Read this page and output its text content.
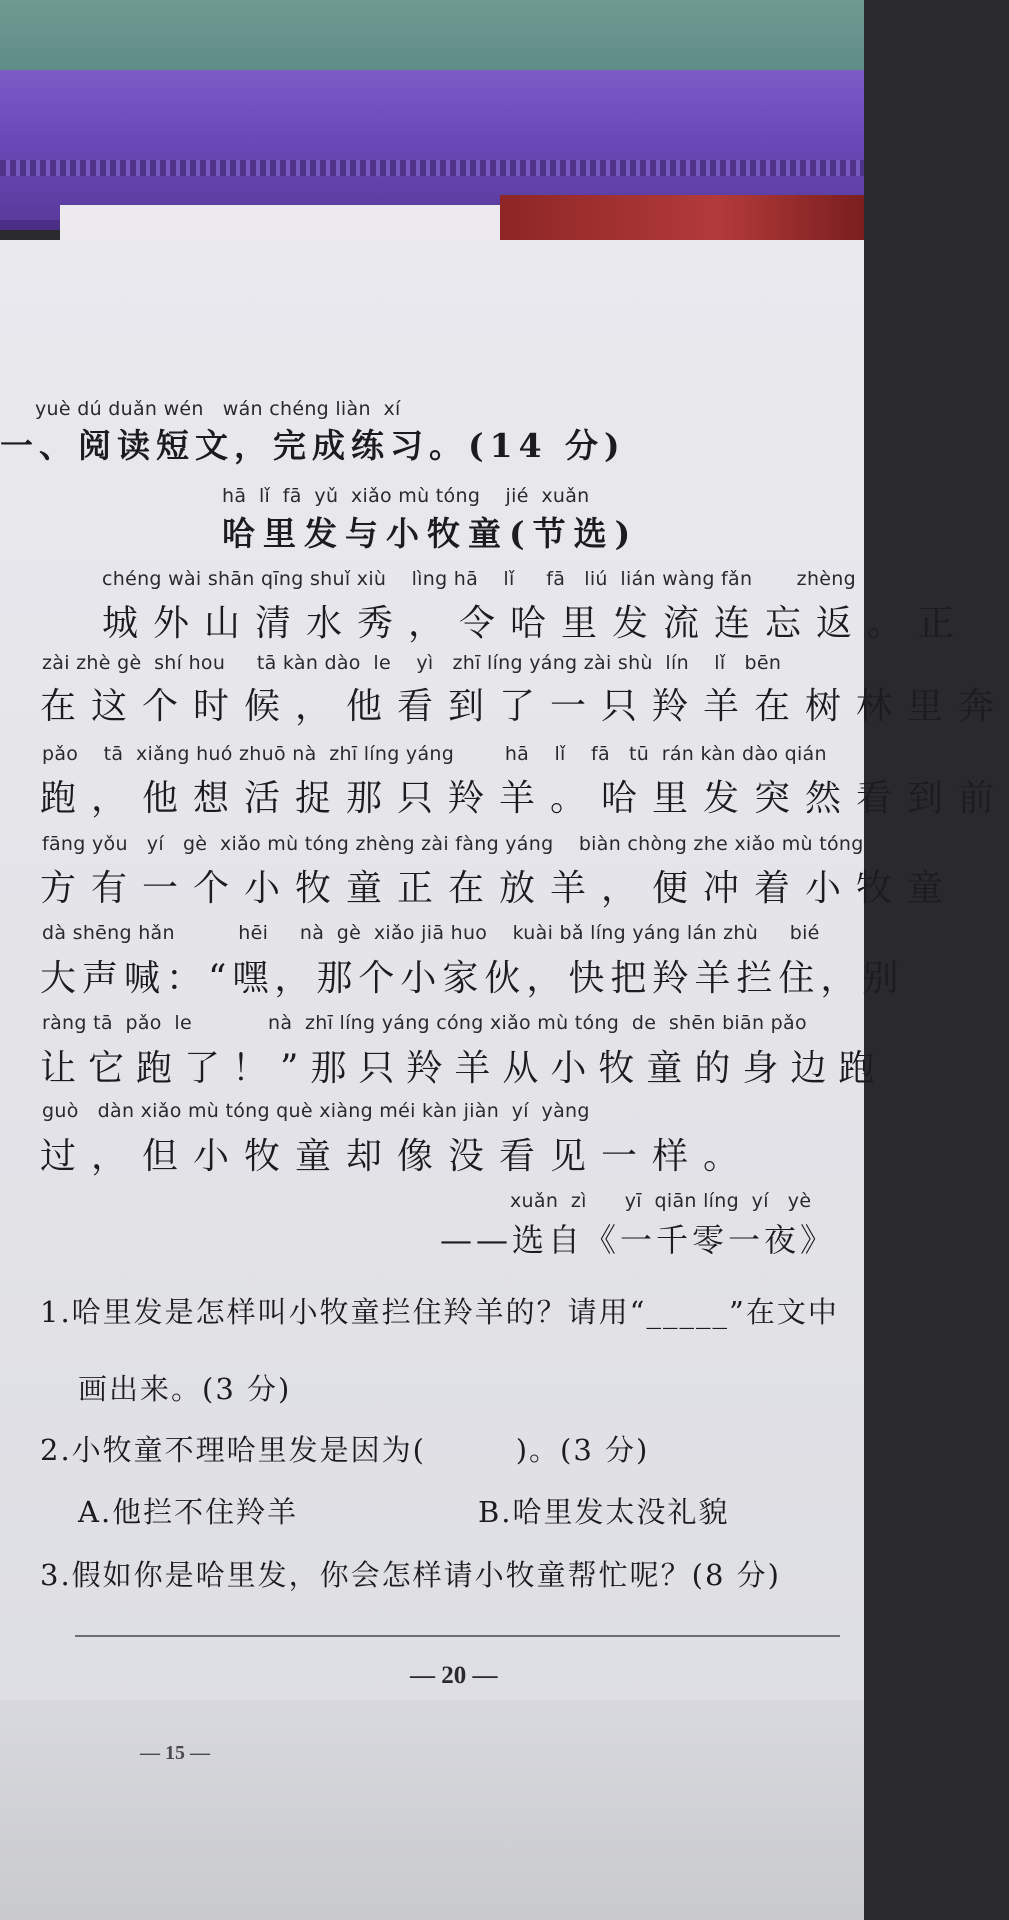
yuè dú duǎn wén   wán chéng liàn  xí
一、阅读短文，完成练习。(14 分)
hā  lǐ  fā  yǔ  xiǎo mù tóng    jié  xuǎn
哈里发与小牧童(节选)
chéng wài shān qīng shuǐ xiù    lìng hā    lǐ     fā   liú  lián wàng fǎn       zhèng
城外山清水秀，令哈里发流连忘返。正
zài zhè gè  shí hou     tā kàn dào  le    yì   zhī líng yáng zài shù  lín    lǐ   bēn
在这个时候，他看到了一只羚羊在树林里奔
pǎo    tā  xiǎng huó zhuō nà  zhī líng yáng        hā    lǐ    fā   tū  rán kàn dào qián
跑，他想活捉那只羚羊。哈里发突然看到前
fāng yǒu   yí   gè  xiǎo mù tóng zhèng zài fàng yáng    biàn chòng zhe xiǎo mù tóng
方有一个小牧童正在放羊，便冲着小牧童
dà shēng hǎn          hēi     nà  gè  xiǎo jiā huo    kuài bǎ líng yáng lán zhù     bié
大声喊：“嘿，那个小家伙，快把羚羊拦住，别
ràng tā  pǎo  le            nà  zhī líng yáng cóng xiǎo mù tóng  de  shēn biān pǎo
让它跑了！”那只羚羊从小牧童的身边跑
guò   dàn xiǎo mù tóng què xiàng méi kàn jiàn  yí  yàng
过，但小牧童却像没看见一样。
xuǎn  zì      yī  qiān líng  yí   yè
——选自《一千零一夜》
1.哈里发是怎样叫小牧童拦住羚羊的？请用“_____”在文中
画出来。(3 分)
2.小牧童不理哈里发是因为(        )。(3 分)
A.他拦不住羚羊	B.哈里发太没礼貌
3.假如你是哈里发，你会怎样请小牧童帮忙呢？(8 分)
— 20 —
— 15 —
